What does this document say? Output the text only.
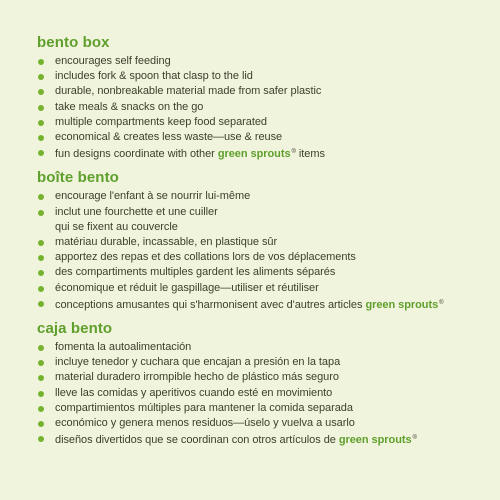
bento box
encourages self feeding
includes fork & spoon that clasp to the lid
durable, nonbreakable material made from safer plastic
take meals & snacks on the go
multiple compartments keep food separated
economical & creates less waste—use & reuse
fun designs coordinate with other green sprouts® items
boîte bento
encourage l'enfant à se nourrir lui-même
inclut une fourchette et une cuiller
qui se fixent au couvercle
matériau durable, incassable, en plastique sûr
apportez des repas et des collations lors de vos déplacements
des compartiments multiples gardent les aliments séparés
économique et réduit le gaspillage—utiliser et réutiliser
conceptions amusantes qui s'harmonisent avec d'autres articles green sprouts®
caja bento
fomenta la autoalimentación
incluye tenedor y cuchara que encajan a presión en la tapa
material duradero irrompible hecho de plástico más seguro
lleve las comidas y aperitivos cuando esté en movimiento
compartimientos múltiples para mantener la comida separada
económico y genera menos residuos—úselo y vuelva a usarlo
diseños divertidos que se coordinan con otros artículos de green sprouts®
